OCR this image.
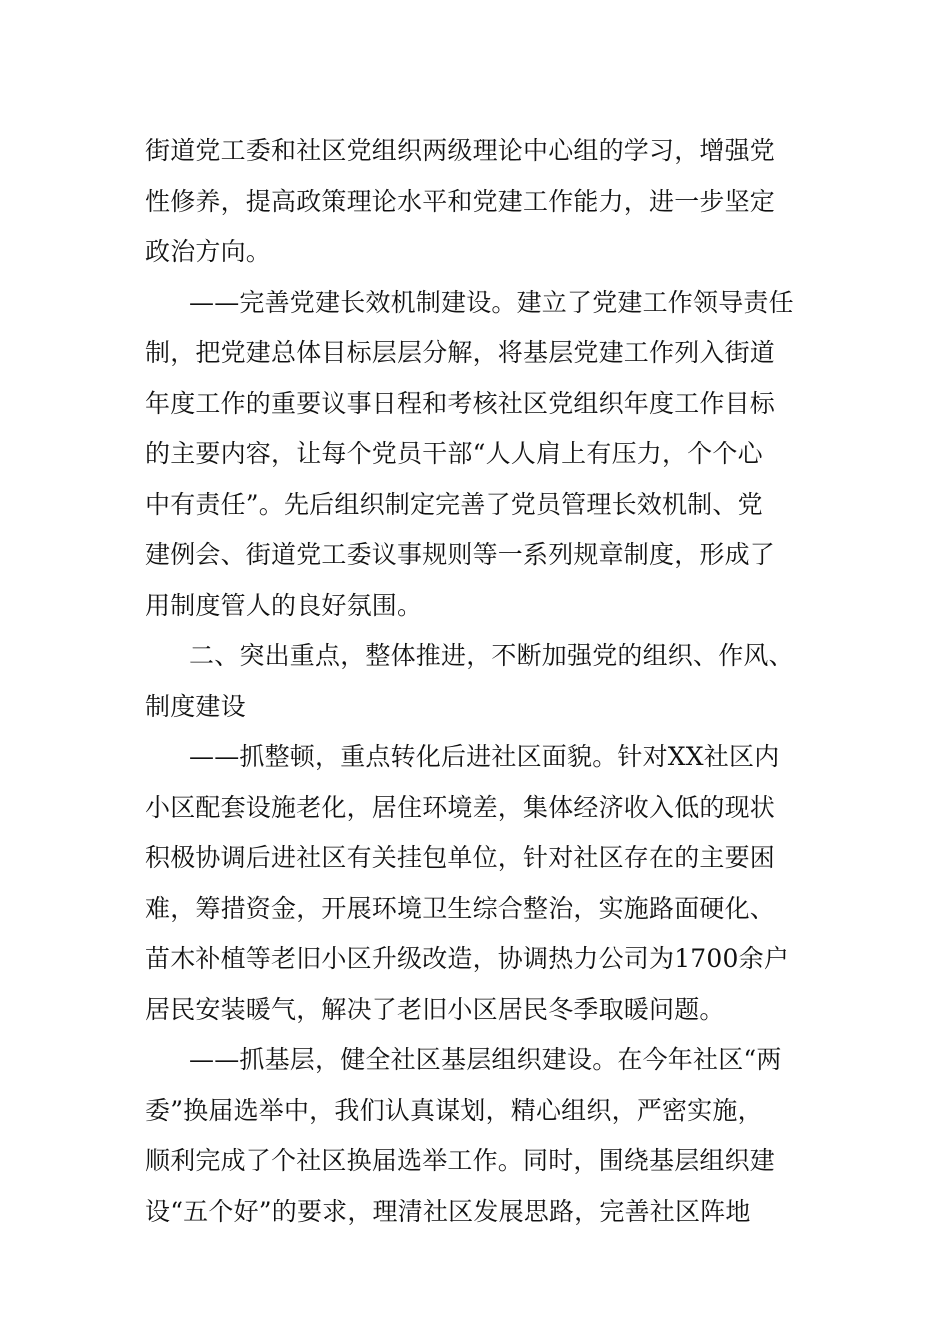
街道党工委和社区党组织两级理论中心组的学习，增强党
性修养，提高政策理论水平和党建工作能力，进一步坚定
政治方向。
——完善党建长效机制建设。建立了党建工作领导责任
制，把党建总体目标层层分解，将基层党建工作列入街道
年度工作的重要议事日程和考核社区党组织年度工作目标
的主要内容，让每个党员干部“人人肩上有压力，个个心
中有责任”。先后组织制定完善了党员管理长效机制、党
建例会、街道党工委议事规则等一系列规章制度，形成了
用制度管人的良好氛围。
二、突出重点，整体推进，不断加强党的组织、作风、
制度建设
——抓整顿，重点转化后进社区面貌。针对XX社区内
小区配套设施老化，居住环境差，集体经济收入低的现状
积极协调后进社区有关挂包单位，针对社区存在的主要困
难，筹措资金，开展环境卫生综合整治，实施路面硬化、
苗木补植等老旧小区升级改造，协调热力公司为1700余户
居民安装暖气，解决了老旧小区居民冬季取暖问题。
——抓基层，健全社区基层组织建设。在今年社区“两
委”换届选举中，我们认真谋划，精心组织，严密实施，
顺利完成了个社区换届选举工作。同时，围绕基层组织建
设“五个好”的要求，理清社区发展思路，完善社区阵地
